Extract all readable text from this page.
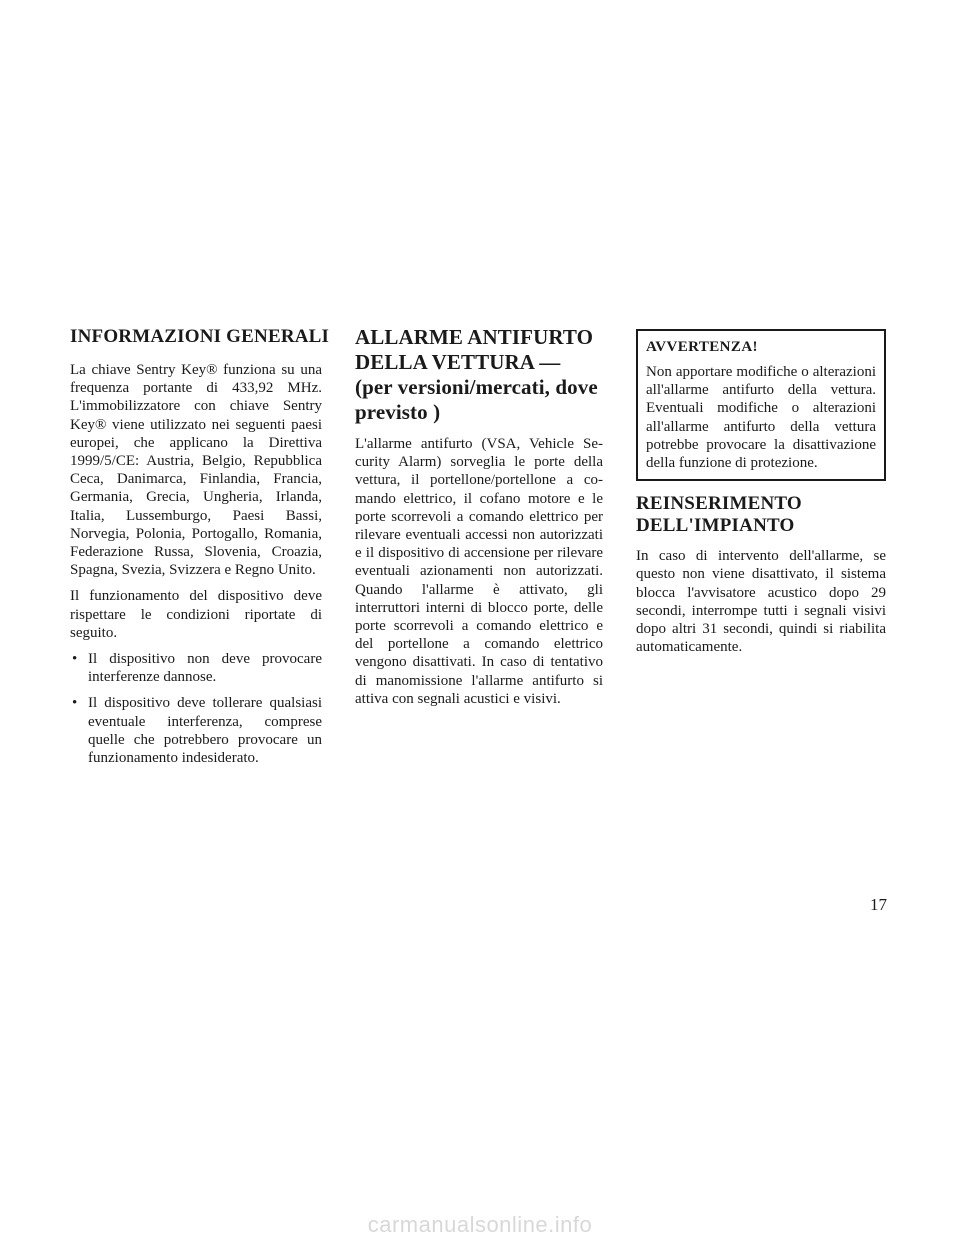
INFORMAZIONI GENERALI

La chiave Sentry Key® funziona su una frequenza portante di 433,92 MHz. L'immobilizzatore con chiave Sentry Key® viene utilizzato nei seguenti paesi europei, che applicano la Direttiva 1999/5/CE: Austria, Belgio, Repubblica Ceca, Danimarca, Finlandia, Francia, Germania, Grecia, Ungheria, Irlanda, Italia, Lussemburgo, Paesi Bassi, Norvegia, Polonia, Portogallo, Romania, Federazione Russa, Slovenia, Croazia, Spagna, Svezia, Svizzera e Regno Unito.

Il funzionamento del dispositivo deve rispettare le condizioni riportate di seguito.

• Il dispositivo non deve provocare interferenze dannose.
• Il dispositivo deve tollerare qualsiasi eventuale interferenza, comprese quelle che potrebbero provocare un funzionamento indesiderato.
ALLARME ANTIFURTO DELLA VETTURA — (per versioni/mercati, dove previsto )

L'allarme antifurto (VSA, Vehicle Security Alarm) sorveglia le porte della vettura, il portellone/portellone a comando elettrico, il cofano motore e le porte scorrevoli a comando elettrico per rilevare eventuali accessi non autorizzati e il dispositivo di accensione per rilevare eventuali azionamenti non autorizzati. Quando l'allarme è attivato, gli interruttori interni di blocco porte, delle porte scorrevoli a comando elettrico e del portellone a comando elettrico vengono disattivati. In caso di tentativo di manomissione l'allarme antifurto si attiva con segnali acustici e visivi.

AVVERTENZA!

Non apportare modifiche o alterazioni all'allarme antifurto della vettura. Eventuali modifiche o alterazioni all'allarme antifurto della vettura potrebbe provocare la disattivazione della funzione di protezione.

REINSERIMENTO DELL'IMPIANTO

In caso di intervento dell'allarme, se questo non viene disattivato, il sistema blocca l'avvisatore acustico dopo 29 secondi, interrompe tutti i segnali visivi dopo altri 31 secondi, quindi si riabilita automaticamente.

17
carmanualsonline.info
